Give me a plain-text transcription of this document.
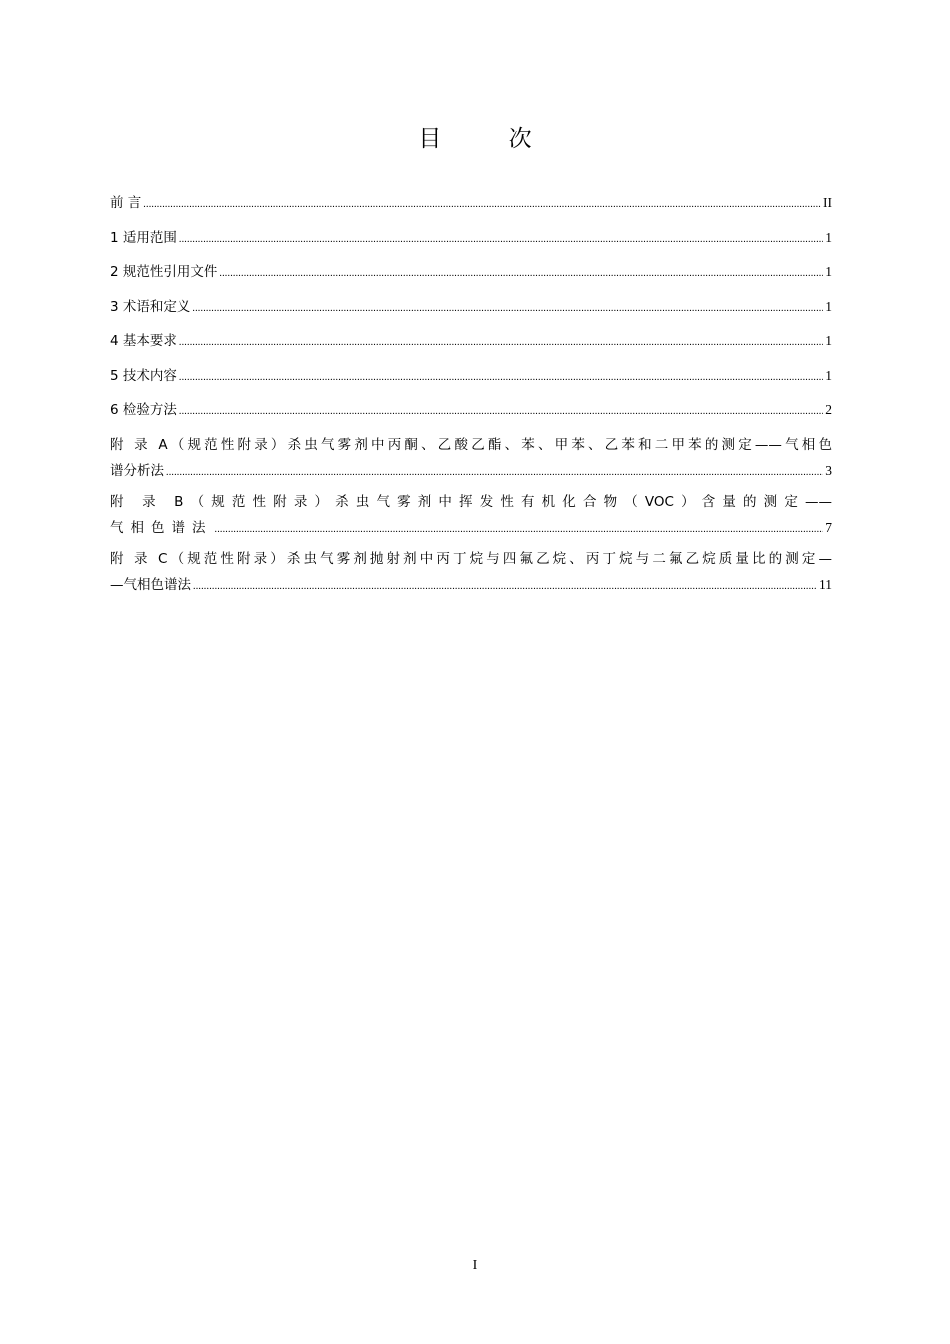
目 次
前 言 .....	II
1 适用范围 .....	1
2 规范性引用文件 .....	1
3 术语和定义 .....	1
4 基本要求 .....	1
5 技术内容 .....	1
6 检验方法 .....	2
附 录 A（规范性附录）杀虫气雾剂中丙酮、乙酸乙酯、苯、甲苯、乙苯和二甲苯的测定——气相色
谱分析法 .....	3
附 录 B（规范性附录）杀虫气雾剂中挥发性有机化合物（VOC）含量的测定——
气相色谱法 .....	7
附 录 C（规范性附录）杀虫气雾剂抛射剂中丙丁烷与四氟乙烷、丙丁烷与二氟乙烷质量比的测定—
—气相色谱法 .....	11
I
